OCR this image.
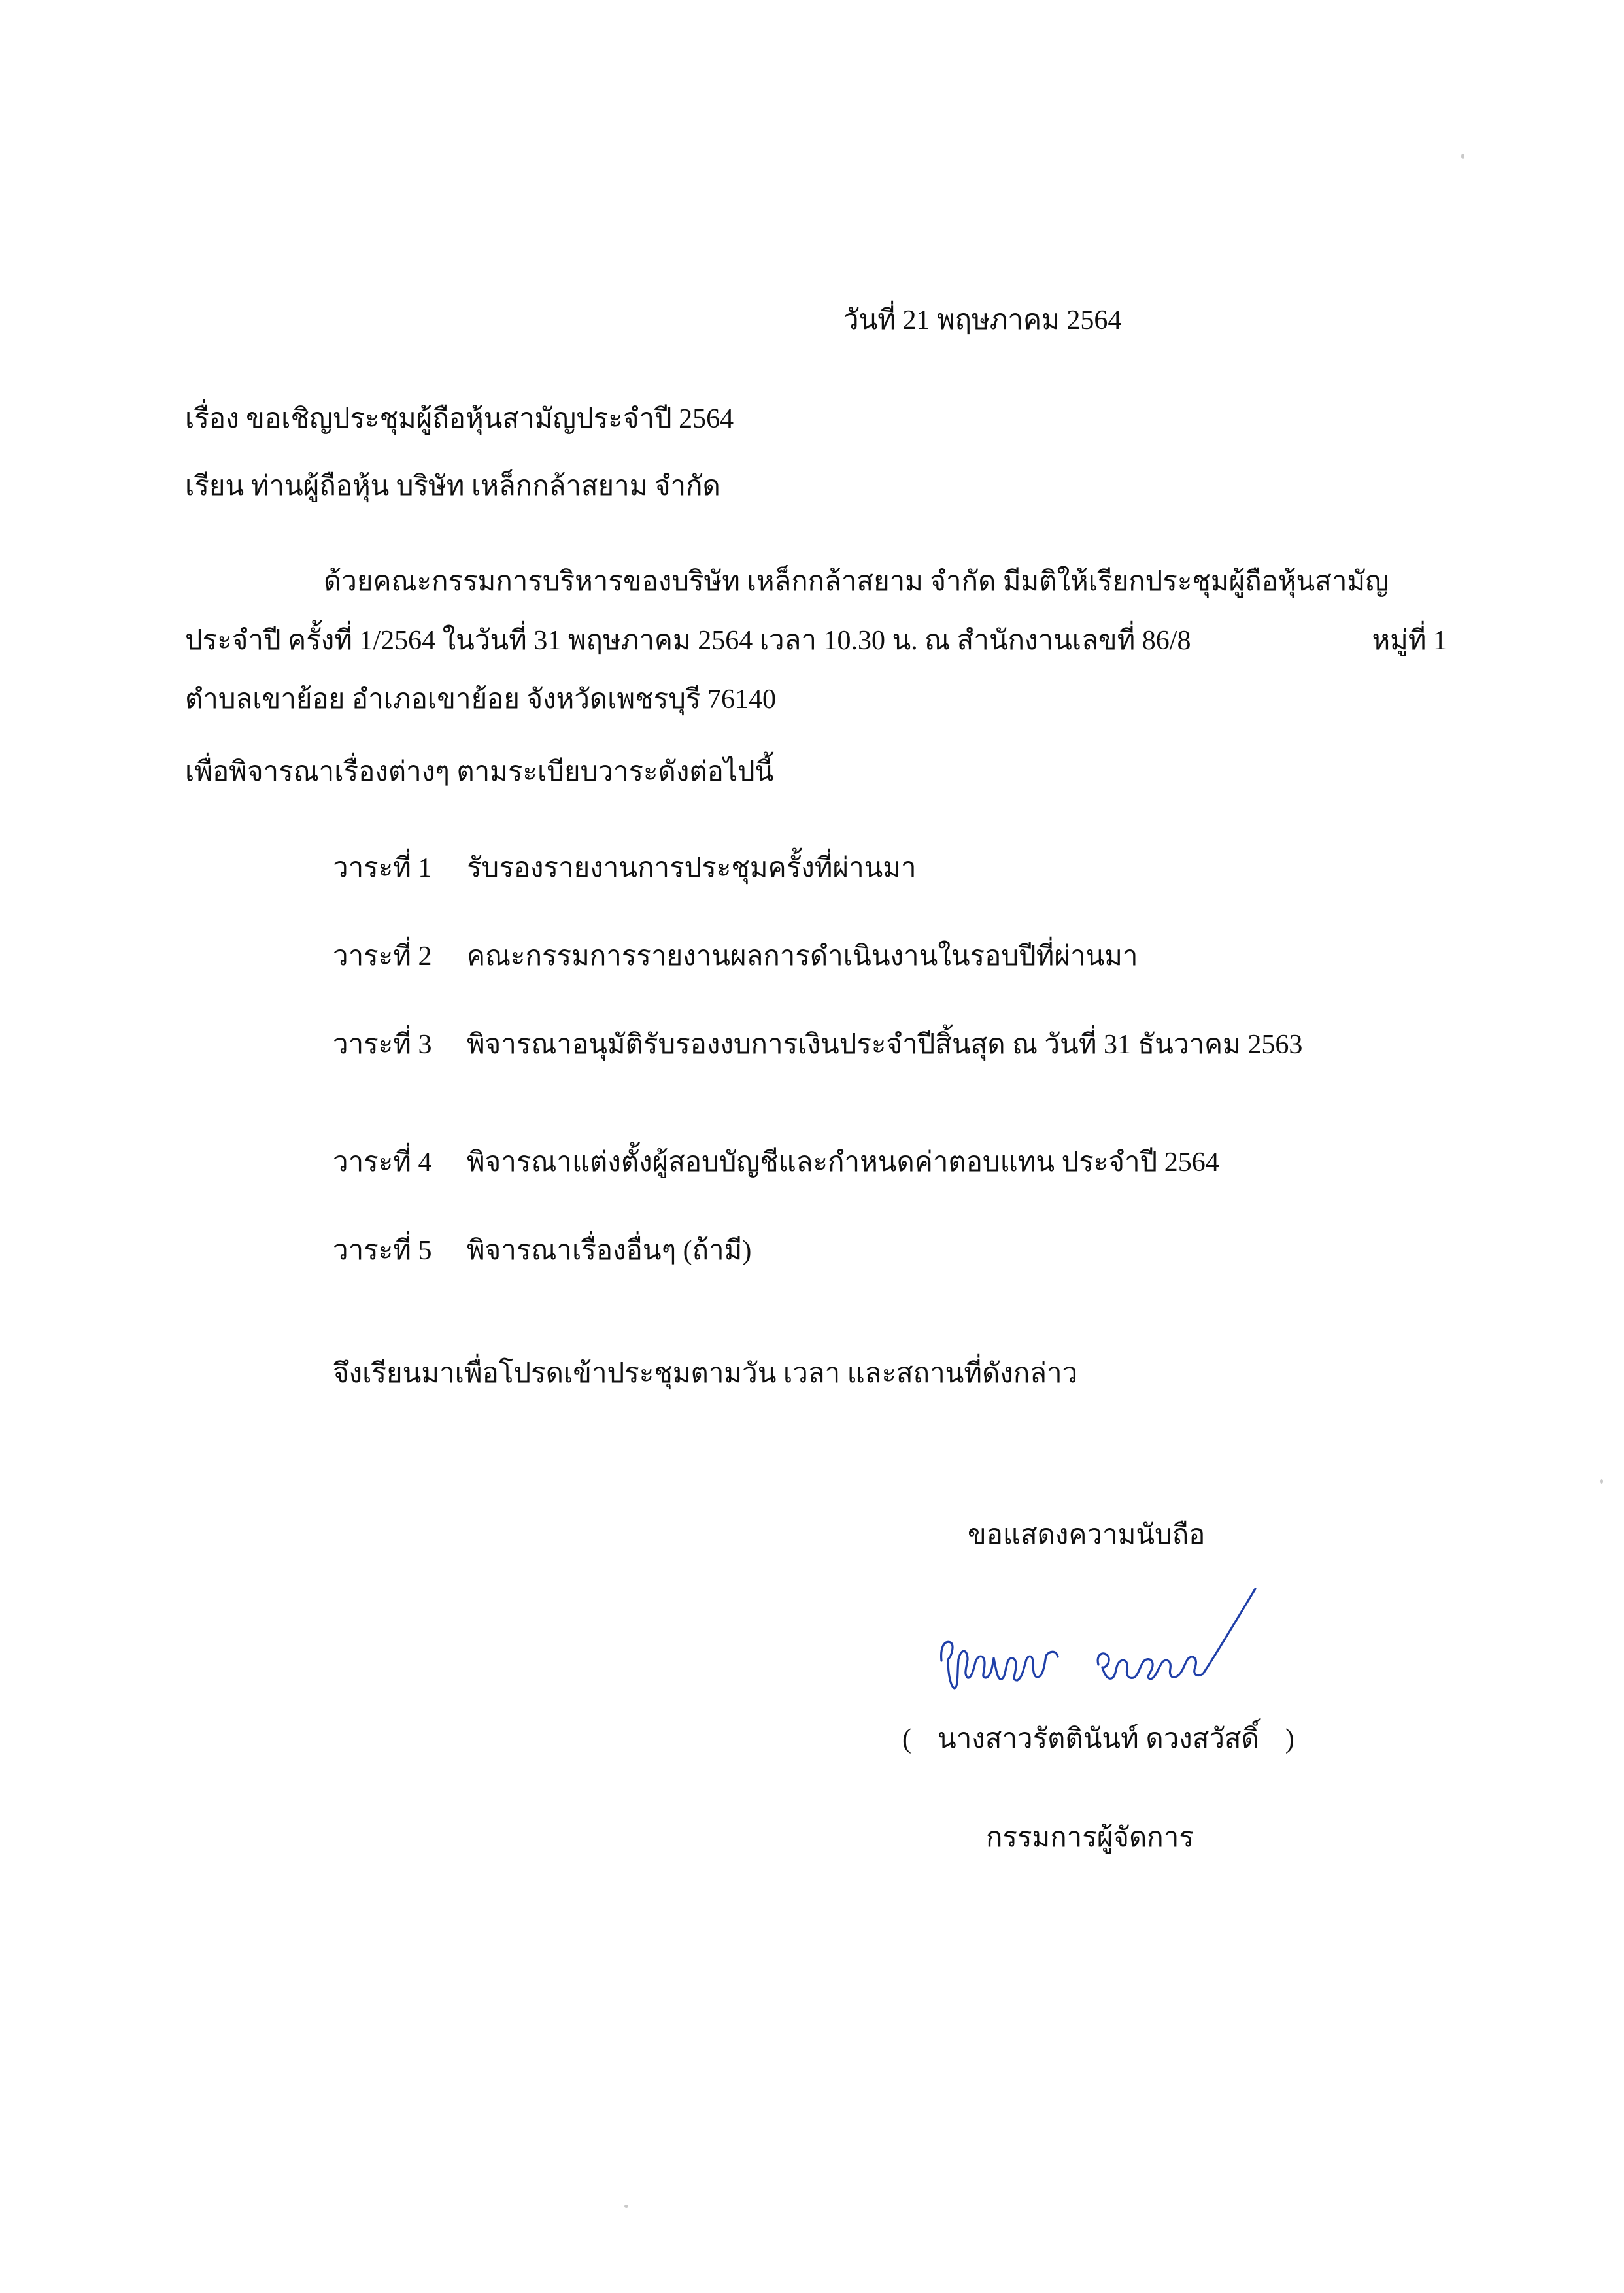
วันที่ 21 พฤษภาคม 2564
เรื่อง ขอเชิญประชุมผู้ถือหุ้นสามัญประจำปี 2564
เรียน ท่านผู้ถือหุ้น บริษัท เหล็กกล้าสยาม จำกัด
ด้วยคณะกรรมการบริหารของบริษัท เหล็กกล้าสยาม จำกัด มีมติให้เรียกประชุมผู้ถือหุ้นสามัญ
ประจำปี ครั้งที่ 1/2564 ในวันที่ 31 พฤษภาคม 2564 เวลา 10.30 น. ณ สำนักงานเลขที่ 86/8	หมู่ที่ 1
ตำบลเขาย้อย อำเภอเขาย้อย จังหวัดเพชรบุรี 76140
เพื่อพิจารณาเรื่องต่างๆ ตามระเบียบวาระดังต่อไปนี้
วาระที่ 1 รับรองรายงานการประชุมครั้งที่ผ่านมา
วาระที่ 2 คณะกรรมการรายงานผลการดำเนินงานในรอบปีที่ผ่านมา
วาระที่ 3 พิจารณาอนุมัติรับรองงบการเงินประจำปีสิ้นสุด ณ วันที่ 31 ธันวาคม 2563
วาระที่ 4 พิจารณาแต่งตั้งผู้สอบบัญชีและกำหนดค่าตอบแทน ประจำปี 2564
วาระที่ 5 พิจารณาเรื่องอื่นๆ (ถ้ามี)
จึงเรียนมาเพื่อโปรดเข้าประชุมตามวัน เวลา และสถานที่ดังกล่าว
ขอแสดงความนับถือ
( นางสาวรัตตินันท์ ดวงสวัสดิ์ )
กรรมการผู้จัดการ
